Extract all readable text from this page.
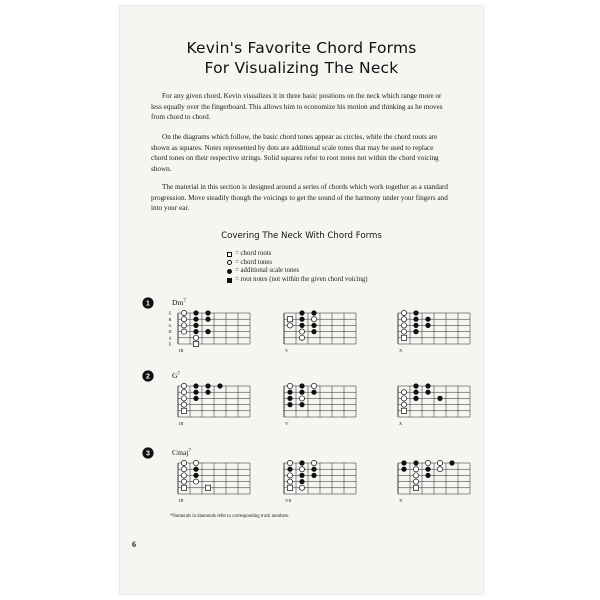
Kevin's Favorite Chord Forms
For Visualizing The Neck

For any given chord, Kevin visualizes it in three basic positions on the neck which range more or less equally over the fingerboard. This allows him to economize his motion and thinking as he moves from chord to chord.

On the diagrams which follow, the basic chord tones appear as circles, while the chord roots are shown as squares. Notes represented by dots are additional scale tones that may be used to replace chord tones on their respective strings. Solid squares refer to root notes not within the chord voicing shown.

The material in this section is designed around a series of chords which work together as a standard progression. Move steadily though the voicings to get the sound of the harmony under your fingers and into your ear.

Covering The Neck With Chord Forms
= chord roots
= chord tones
= additional scale tones
= root notes (not within the given chord voicing)
1	Dm$^7$
E
B
G
D
A
E
III	V	X
2	$G^7$
III	V	X
3	Cmaj$^7$
III	VII	X
*Numerals in diamonds refer to corresponding track numbers.
6
